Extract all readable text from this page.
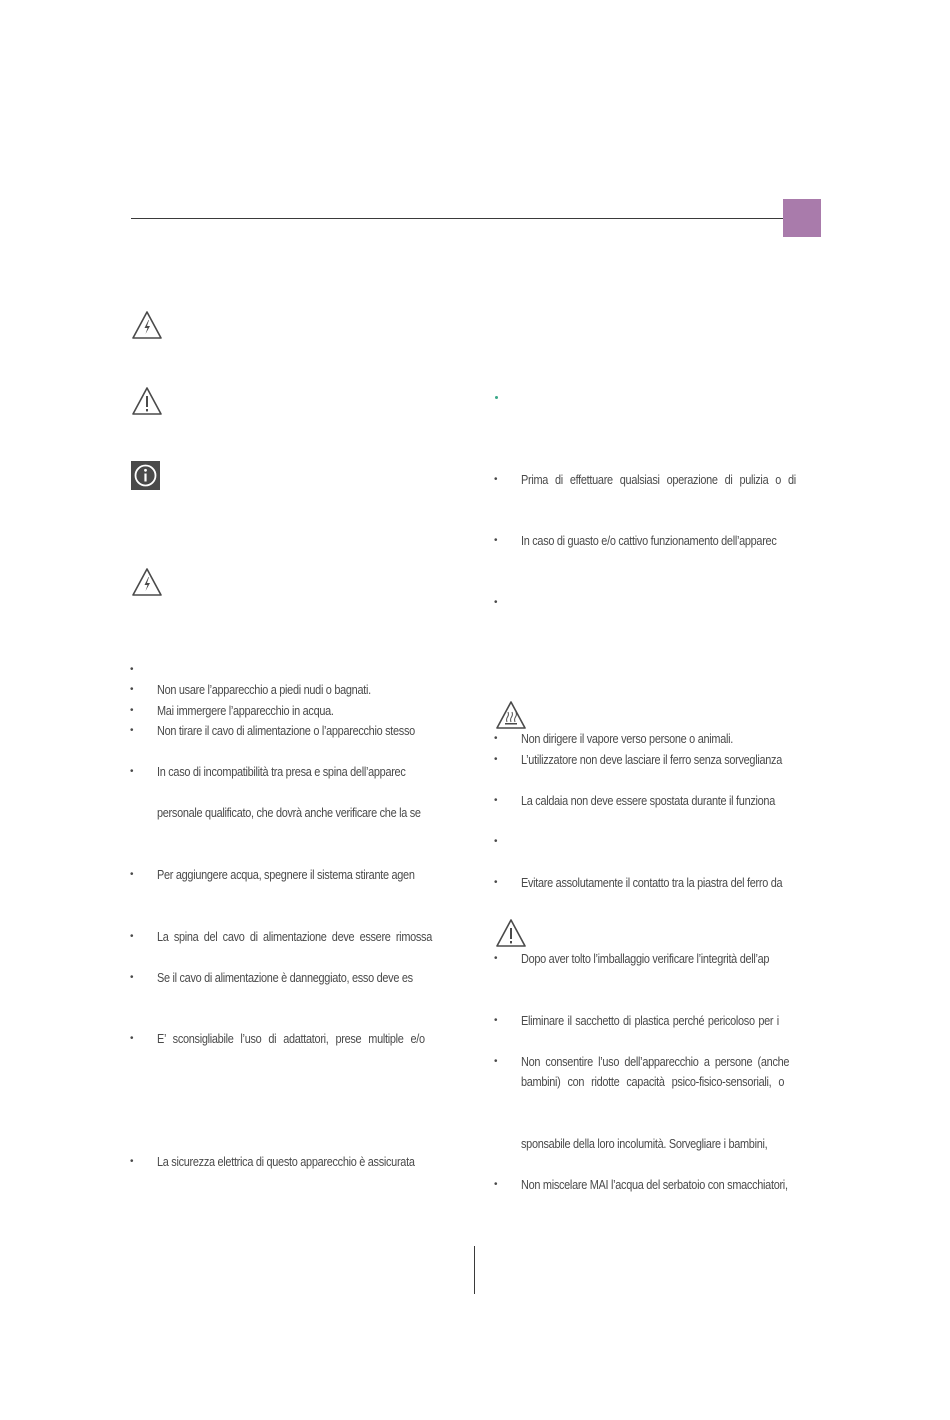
•
•
•
•
•
•
•
•
•
•
Non usare l’apparecchio a piedi nudi o bagnati.
Mai immergere l’apparecchio in acqua.
Non tirare il cavo di alimentazione o l’apparecchio stesso
In caso di incompatibilità tra presa e spina dell’apparec
personale qualificato, che dovrà anche verificare che la se
Per aggiungere acqua, spegnere il sistema stirante agen
La spina del cavo di alimentazione deve essere rimossa
Se il cavo di alimentazione è danneggiato, esso deve es
E’ sconsigliabile l’uso di adattatori, prese multiple e/o
La sicurezza elettrica di questo apparecchio è assicurata
•
•
•
•
•
•
•
•
•
•
•
•
Prima di effettuare qualsiasi operazione di pulizia o di
In caso di guasto e/o cattivo funzionamento dell’apparec
Non dirigere il vapore verso persone o animali.
L’utilizzatore non deve lasciare il ferro senza sorveglianza
La caldaia non deve essere spostata durante il funziona
Evitare assolutamente il contatto tra la piastra del ferro da
Dopo aver tolto l’imballaggio verificare l’integrità dell’ap
Eliminare il sacchetto di plastica perché pericoloso per i
Non consentire l’uso dell’apparecchio a persone (anche
bambini) con ridotte capacità psico-fisico-sensoriali, o
sponsabile della loro incolumità. Sorvegliare i bambini,
Non miscelare MAI l’acqua del serbatoio con smacchiatori,
